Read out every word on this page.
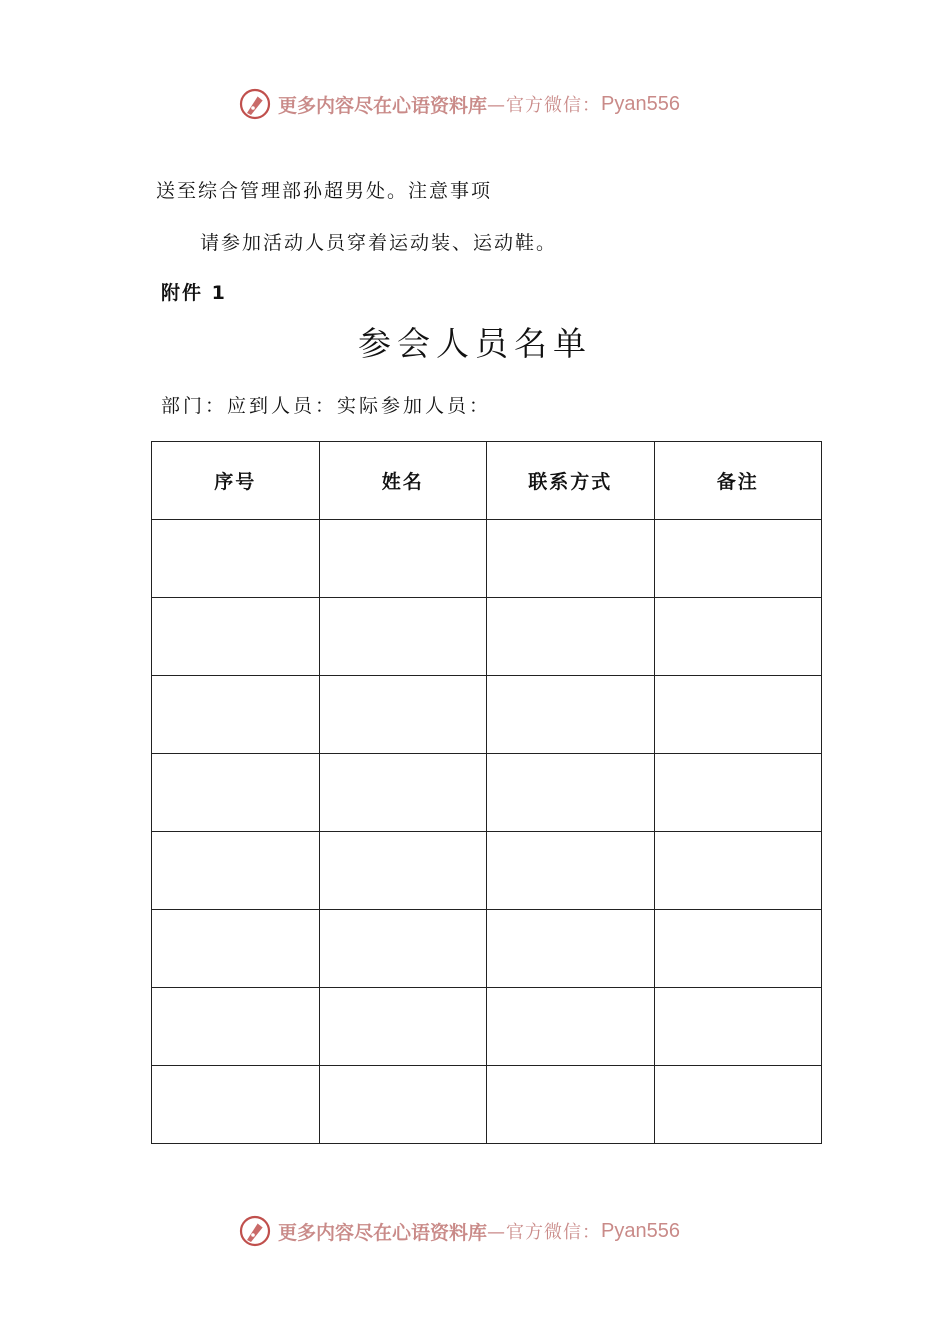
更多内容尽在心语资料库 —官方微信： Pyan556
送至综合管理部孙超男处。注意事项
请参加活动人员穿着运动装、运动鞋。
附件 1
参会人员名单
部门：应到人员：实际参加人员：
序号	姓名	联系方式	备注

更多内容尽在心语资料库 —官方微信： Pyan556
